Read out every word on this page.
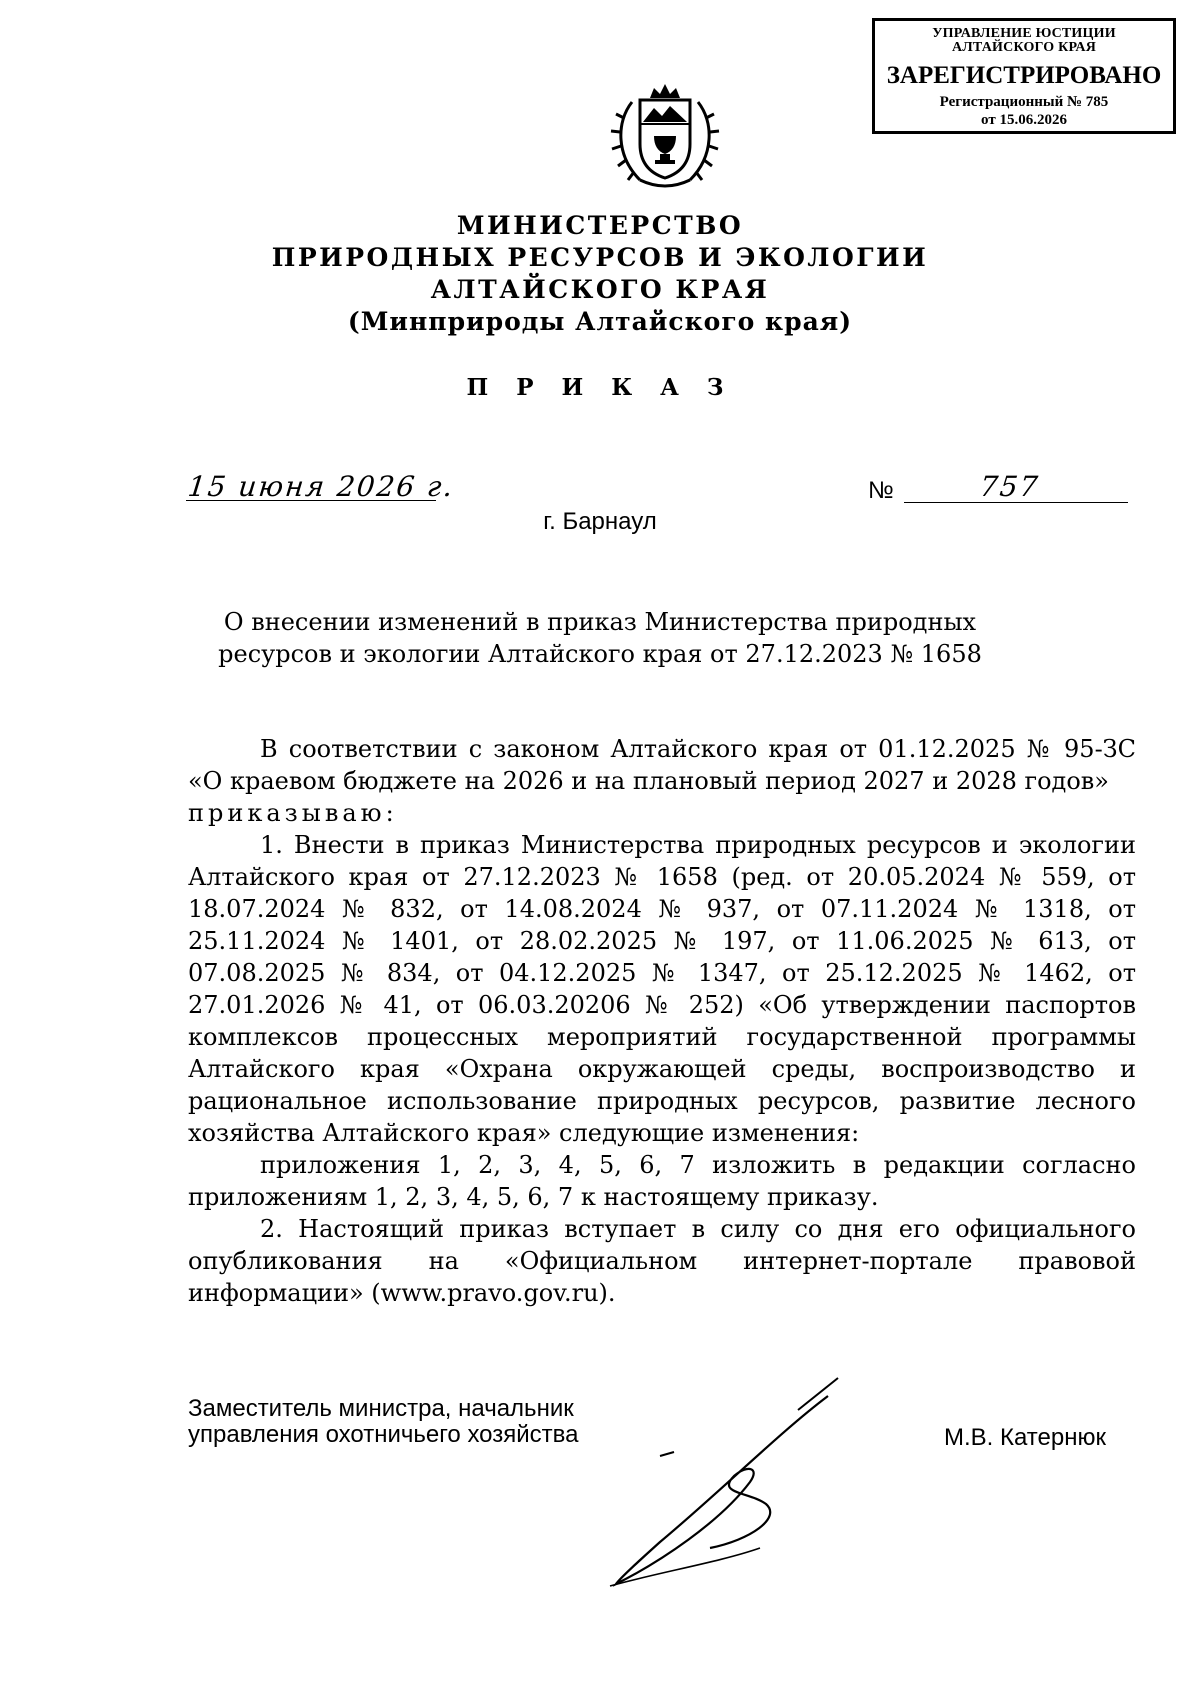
УПРАВЛЕНИЕ ЮСТИЦИИ
АЛТАЙСКОГО КРАЯ
ЗАРЕГИСТРИРОВАНО
Регистрационный № 785
от 15.06.2026
МИНИСТЕРСТВО
ПРИРОДНЫХ РЕСУРСОВ И ЭКОЛОГИИ
АЛТАЙСКОГО КРАЯ
(Минприроды Алтайского края)
П Р И К А З
15 июня 2026 г.	№	757
г. Барнаул
О внесении изменений в приказ Министерства природных
ресурсов и экологии Алтайского края от 27.12.2023 № 1658

В соответствии с законом Алтайского края от 01.12.2025 № 95-ЗС «О краевом бюджете на 2026 и на плановый период 2027 и 2028 годов»

приказываю:

1. Внести в приказ Министерства природных ресурсов и экологии Алтайского края от 27.12.2023 № 1658 (ред. от 20.05.2024 № 559, от 18.07.2024 № 832, от 14.08.2024 № 937, от 07.11.2024 № 1318, от 25.11.2024 № 1401, от 28.02.2025 № 197, от 11.06.2025 № 613, от 07.08.2025 № 834, от 04.12.2025 № 1347, от 25.12.2025 № 1462, от 27.01.2026 № 41, от 06.03.20206 № 252) «Об утверждении паспортов комплексов процессных мероприятий государственной программы Алтайского края «Охрана окружающей среды, воспроизводство и рациональное использование природных ресурсов, развитие лесного хозяйства Алтайского края» следующие изменения:

приложения 1, 2, 3, 4, 5, 6, 7 изложить в редакции согласно приложениям 1, 2, 3, 4, 5, 6, 7 к настоящему приказу.

2. Настоящий приказ вступает в силу со дня его официального опубликования на «Официальном интернет-портале правовой информации» (www.pravo.gov.ru).

Заместитель министра, начальник
управления охотничьего хозяйства	М.В. Катернюк
